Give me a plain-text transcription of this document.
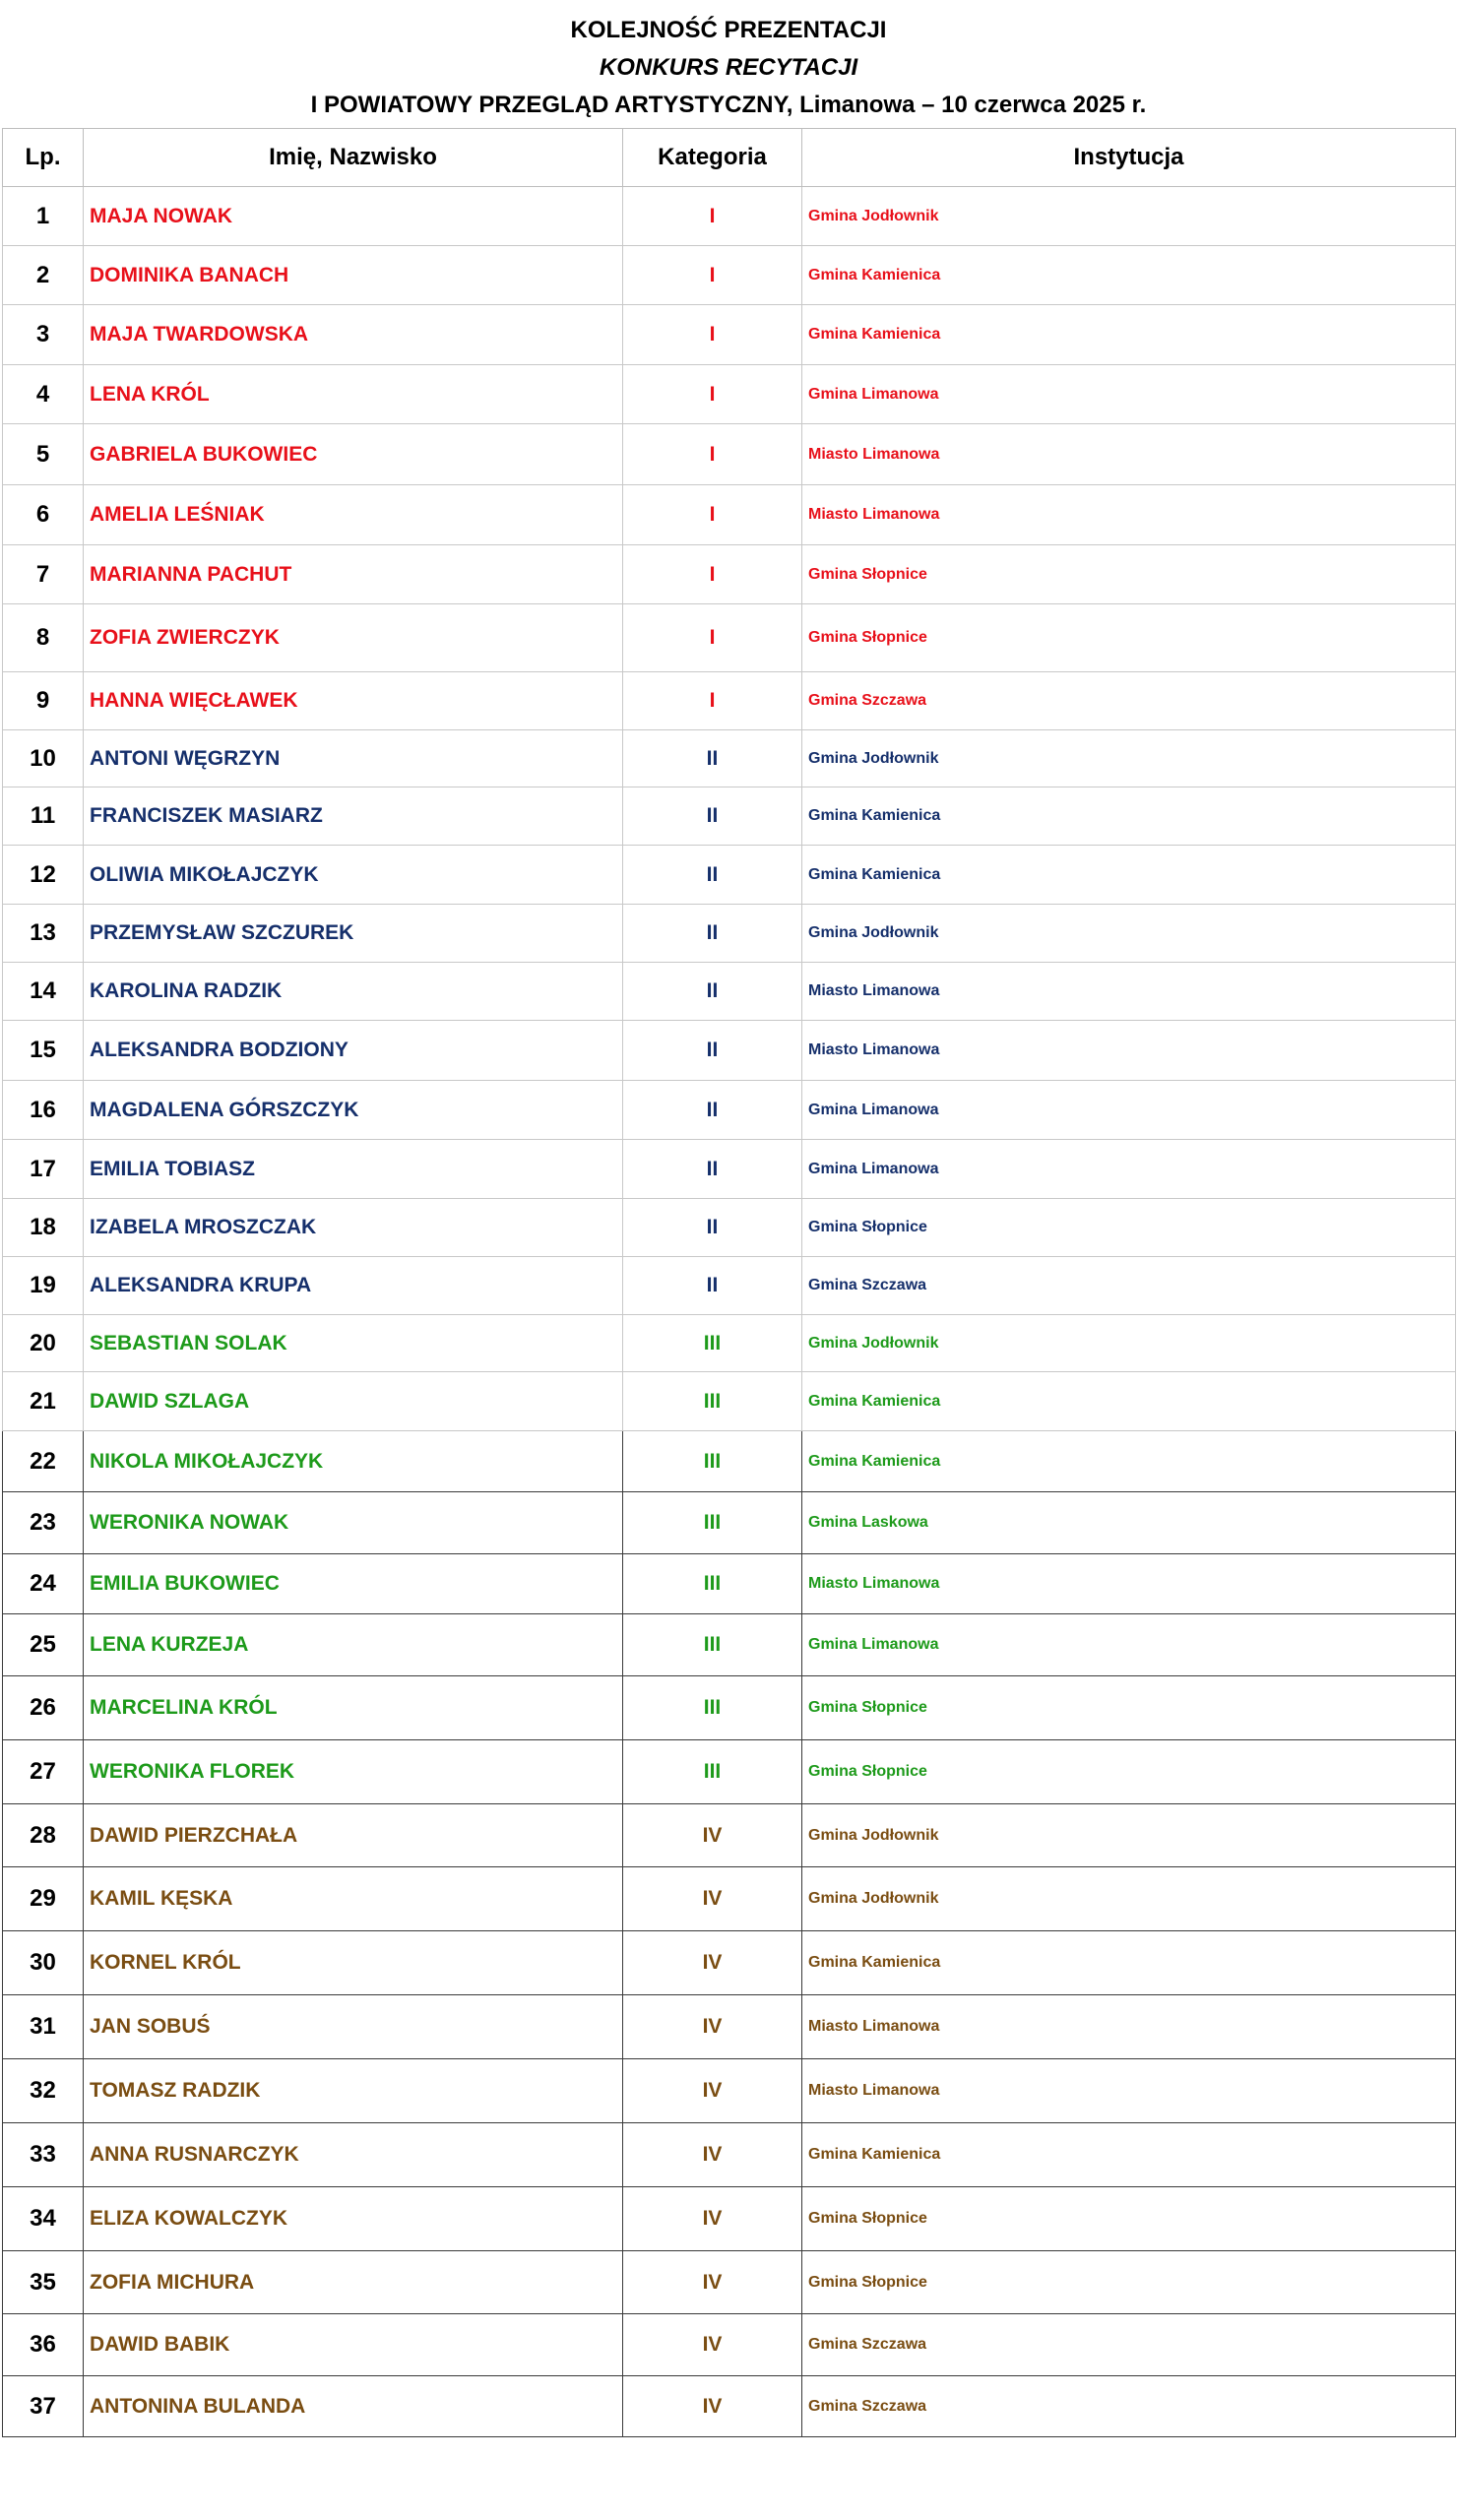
KOLEJNOŚĆ PREZENTACJI
KONKURS RECYTACJI
I POWIATOWY PRZEGLĄD ARTYSTYCZNY, Limanowa – 10 czerwca 2025 r.
Lp.	Imię, Nazwisko	Kategoria	Instytucja
1	MAJA NOWAK	I	Gmina Jodłownik
2	DOMINIKA BANACH	I	Gmina Kamienica
3	MAJA TWARDOWSKA	I	Gmina Kamienica
4	LENA KRÓL	I	Gmina Limanowa
5	GABRIELA BUKOWIEC	I	Miasto Limanowa
6	AMELIA LEŚNIAK	I	Miasto Limanowa
7	MARIANNA PACHUT	I	Gmina Słopnice
8	ZOFIA ZWIERCZYK	I	Gmina Słopnice
9	HANNA WIĘCŁAWEK	I	Gmina Szczawa
10	ANTONI WĘGRZYN	II	Gmina Jodłownik
11	FRANCISZEK MASIARZ	II	Gmina Kamienica
12	OLIWIA MIKOŁAJCZYK	II	Gmina Kamienica
13	PRZEMYSŁAW SZCZUREK	II	Gmina Jodłownik
14	KAROLINA RADZIK	II	Miasto Limanowa
15	ALEKSANDRA BODZIONY	II	Miasto Limanowa
16	MAGDALENA GÓRSZCZYK	II	Gmina Limanowa
17	EMILIA TOBIASZ	II	Gmina Limanowa
18	IZABELA MROSZCZAK	II	Gmina Słopnice
19	ALEKSANDRA KRUPA	II	Gmina Szczawa
20	SEBASTIAN SOLAK	III	Gmina Jodłownik
21	DAWID SZLAGA	III	Gmina Kamienica
22	NIKOLA MIKOŁAJCZYK	III	Gmina Kamienica
23	WERONIKA NOWAK	III	Gmina Laskowa
24	EMILIA BUKOWIEC	III	Miasto Limanowa
25	LENA KURZEJA	III	Gmina Limanowa
26	MARCELINA KRÓL	III	Gmina Słopnice
27	WERONIKA FLOREK	III	Gmina Słopnice
28	DAWID PIERZCHAŁA	IV	Gmina Jodłownik
29	KAMIL KĘSKA	IV	Gmina Jodłownik
30	KORNEL KRÓL	IV	Gmina Kamienica
31	JAN SOBUŚ	IV	Miasto Limanowa
32	TOMASZ RADZIK	IV	Miasto Limanowa
33	ANNA RUSNARCZYK	IV	Gmina Kamienica
34	ELIZA KOWALCZYK	IV	Gmina Słopnice
35	ZOFIA MICHURA	IV	Gmina Słopnice
36	DAWID BABIK	IV	Gmina Szczawa
37	ANTONINA BULANDA	IV	Gmina Szczawa
